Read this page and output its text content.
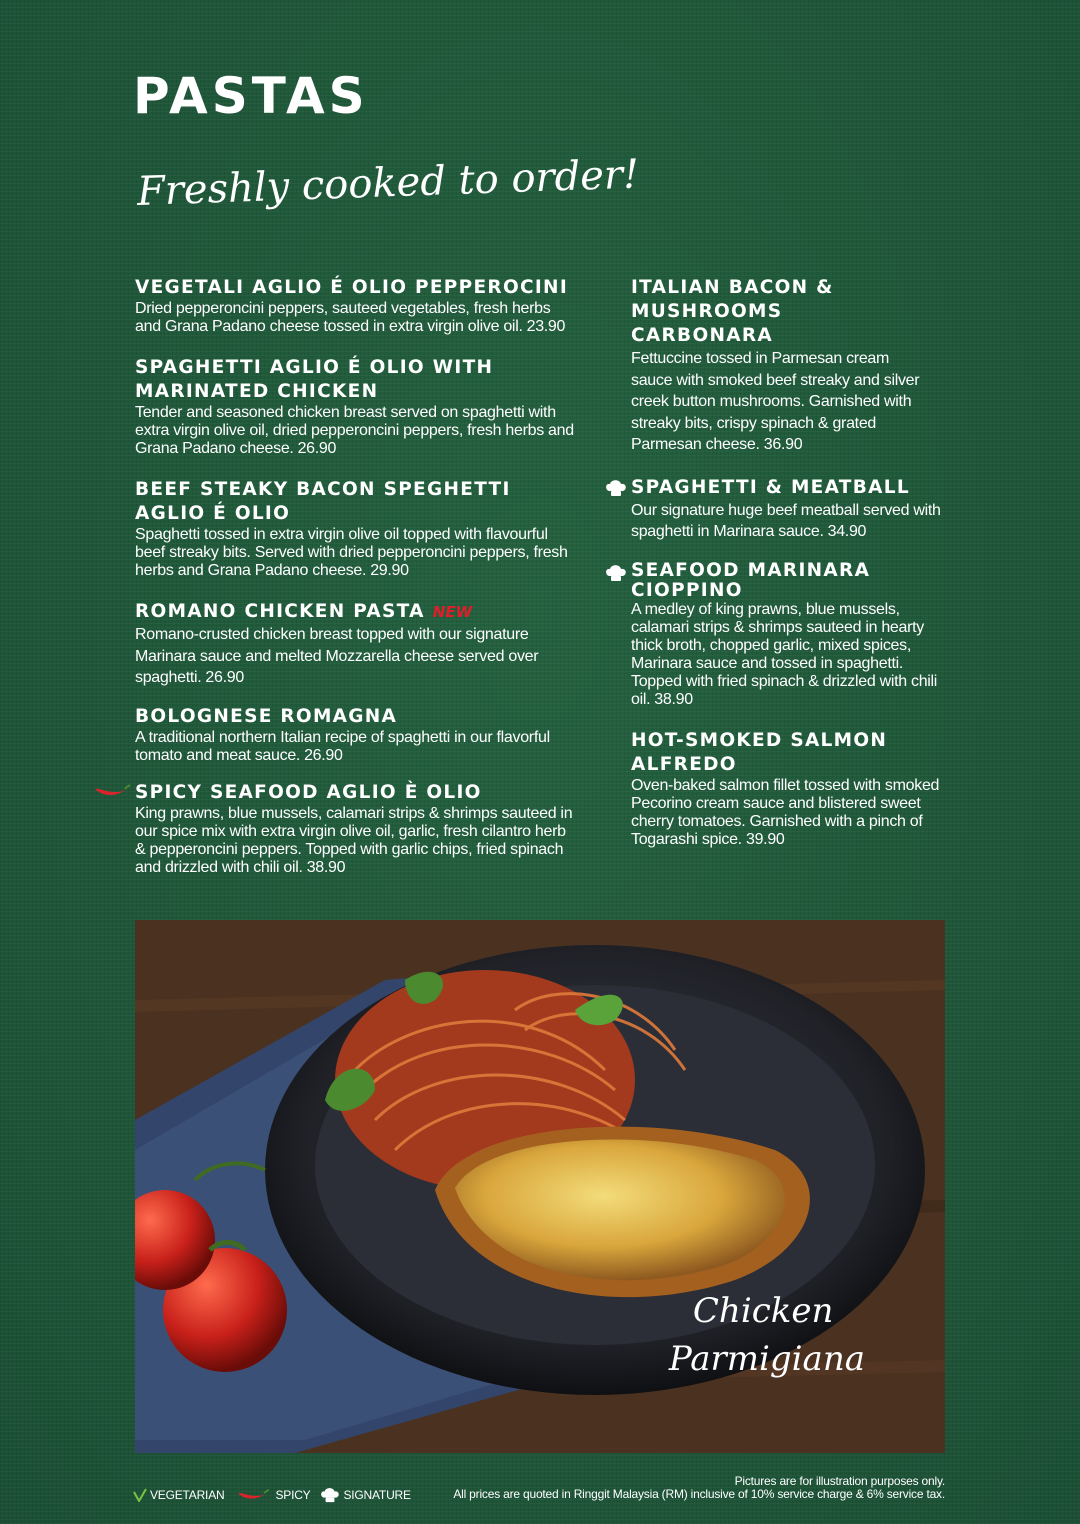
PASTAS
Freshly cooked to order!
VEGETALI AGLIO É OLIO PEPPEROCINI

Dried pepperoncini peppers, sauteed vegetables, fresh herbs and Grana Padano cheese tossed in extra virgin olive oil. 23.90

SPAGHETTI AGLIO É OLIO WITH MARINATED CHICKEN

Tender and seasoned chicken breast served on spaghetti with extra virgin olive oil, dried pepperoncini peppers, fresh herbs and Grana Padano cheese. 26.90

BEEF STEAKY BACON SPEGHETTI AGLIO É OLIO

Spaghetti tossed in extra virgin olive oil topped with flavourful beef streaky bits. Served with dried pepperoncini peppers, fresh herbs and Grana Padano cheese. 29.90

ROMANO CHICKEN PASTA NEW

Romano-crusted chicken breast topped with our signature Marinara sauce and melted Mozzarella cheese served over spaghetti. 26.90

BOLOGNESE ROMAGNA

A traditional northern Italian recipe of spaghetti in our flavorful tomato and meat sauce. 26.90

SPICY SEAFOOD AGLIO È OLIO

King prawns, blue mussels, calamari strips & shrimps sauteed in our spice mix with extra virgin olive oil, garlic, fresh cilantro herb & pepperoncini peppers. Topped with garlic chips, fried spinach and drizzled with chili oil. 38.90

ITALIAN BACON & MUSHROOMS CARBONARA

Fettuccine tossed in Parmesan cream sauce with smoked beef streaky and silver creek button mushrooms. Garnished with streaky bits, crispy spinach & grated Parmesan cheese. 36.90

SPAGHETTI & MEATBALL

Our signature huge beef meatball served with spaghetti in Marinara sauce. 34.90

SEAFOOD MARINARA CIOPPINO

A medley of king prawns, blue mussels, calamari strips & shrimps sauteed in hearty thick broth, chopped garlic, mixed spices, Marinara sauce and tossed in spaghetti. Topped with fried spinach & drizzled with chili oil. 38.90

HOT-SMOKED SALMON ALFREDO

Oven-baked salmon fillet tossed with smoked Pecorino cream sauce and blistered sweet cherry tomatoes. Garnished with a pinch of Togarashi spice. 39.90

Chicken
Parmigiana
VEGETARIAN	SPICY	SIGNATURE
Pictures are for illustration purposes only.
All prices are quoted in Ringgit Malaysia (RM) inclusive of 10% service charge & 6% service tax.
